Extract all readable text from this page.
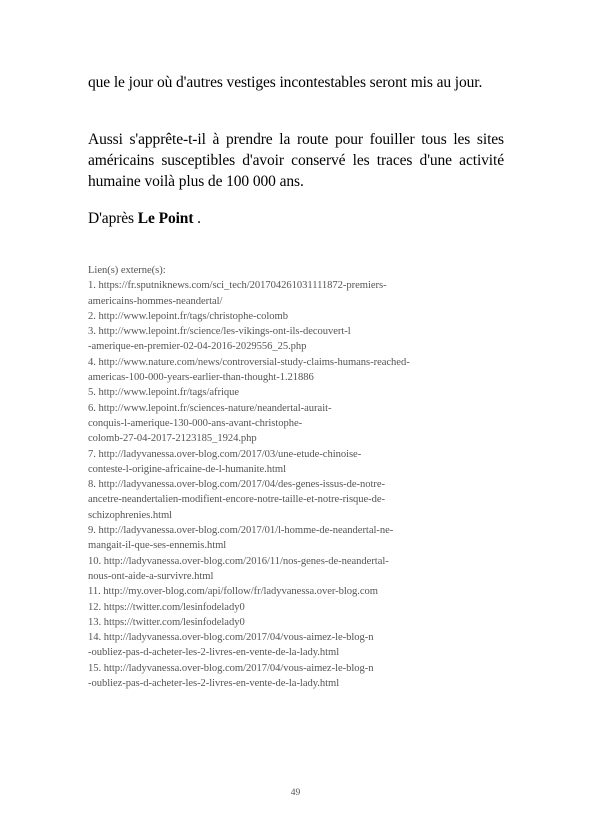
que le jour où d'autres vestiges incontestables seront mis au jour.

Aussi s'apprête-t-il à prendre la route pour fouiller tous les sites américains susceptibles d'avoir conservé les traces d'une activité humaine voilà plus de 100 000 ans.

D'après Le Point .

Lien(s) externe(s):
1. https://fr.sputniknews.com/sci_tech/201704261031111872-premiers-
americains-hommes-neandertal/
2. http://www.lepoint.fr/tags/christophe-colomb
3. http://www.lepoint.fr/science/les-vikings-ont-ils-decouvert-l
-amerique-en-premier-02-04-2016-2029556_25.php
4. http://www.nature.com/news/controversial-study-claims-humans-reached-
americas-100-000-years-earlier-than-thought-1.21886
5. http://www.lepoint.fr/tags/afrique
6. http://www.lepoint.fr/sciences-nature/neandertal-aurait-
conquis-l-amerique-130-000-ans-avant-christophe-
colomb-27-04-2017-2123185_1924.php
7. http://ladyvanessa.over-blog.com/2017/03/une-etude-chinoise-
conteste-l-origine-africaine-de-l-humanite.html
8. http://ladyvanessa.over-blog.com/2017/04/des-genes-issus-de-notre-
ancetre-neandertalien-modifient-encore-notre-taille-et-notre-risque-de-
schizophrenies.html
9. http://ladyvanessa.over-blog.com/2017/01/l-homme-de-neandertal-ne-
mangait-il-que-ses-ennemis.html
10. http://ladyvanessa.over-blog.com/2016/11/nos-genes-de-neandertal-
nous-ont-aide-a-survivre.html
11. http://my.over-blog.com/api/follow/fr/ladyvanessa.over-blog.com
12. https://twitter.com/lesinfodelady0
13. https://twitter.com/lesinfodelady0
14. http://ladyvanessa.over-blog.com/2017/04/vous-aimez-le-blog-n
-oubliez-pas-d-acheter-les-2-livres-en-vente-de-la-lady.html
15. http://ladyvanessa.over-blog.com/2017/04/vous-aimez-le-blog-n
-oubliez-pas-d-acheter-les-2-livres-en-vente-de-la-lady.html
49
